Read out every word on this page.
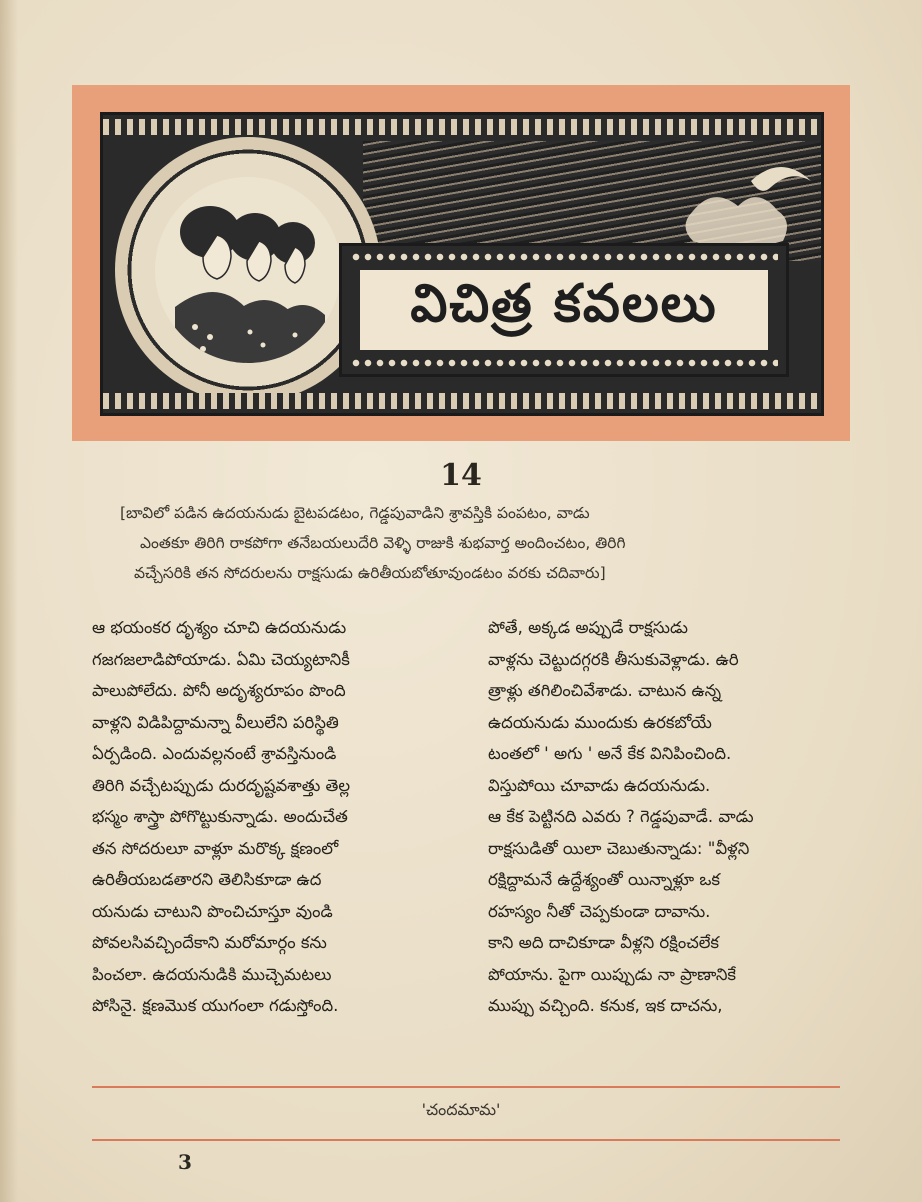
విచిత్ర కవలలు
14
[బావిలో పడిన ఉదయనుడు బైటపడటం, గెడ్డపువాడిని శ్రావస్తికి పంపటం, వాడు
ఎంతకూ తిరిగి రాకపోగా తనేబయలుదేరి వెళ్ళి రాజుకి శుభవార్త అందించటం, తిరిగి
వచ్చేసరికి తన సోదరులను రాక్షసుడు ఉరితీయబోతూవుండటం వరకు చదివారు]
ఆ భయంకర దృశ్యం చూచి ఉదయనుడు
గజగజలాడిపోయాడు. ఏమి చెయ్యటానికీ
పాలుపోలేదు. పోనీ అదృశ్యరూపం పొంది
వాళ్లని విడిపిద్దామన్నా వీలులేని పరిస్థితి
ఏర్పడింది. ఎందువల్లనంటే శ్రావస్తినుండి
తిరిగి వచ్చేటప్పుడు దురదృష్టవశాత్తు తెల్ల
భస్మం శాస్త్రా పోగొట్టుకున్నాడు. అందుచేత
తన సోదరులూ వాళ్లూ మరొక్క క్షణంలో
ఉరితీయబడతారని తెలిసికూడా ఉద
యనుడు చాటుని పొంచిచూస్తూ వుండి
పోవలసివచ్చిందేకాని మరోమార్గం కను
పించలా. ఉదయనుడికి ముచ్చెమటలు
పోసినై. క్షణమొక యుగంలా గడుస్తోంది.
పోతే, అక్కడ అప్పుడే రాక్షసుడు
వాళ్లను చెట్టుదగ్గరకి తీసుకువెళ్లాడు. ఉరి
త్రాళ్లు తగిలించివేశాడు. చాటున ఉన్న
ఉదయనుడు ముందుకు ఉరకబోయే
టంతలో ' అగు ' అనే కేక వినిపించింది.
విస్తుపోయి చూవాడు ఉదయనుడు.
ఆ కేక పెట్టినది ఎవరు ? గెడ్డపువాడే. వాడు
రాక్షసుడితో యిలా చెబుతున్నాడు: "వీళ్లని
రక్షిద్దామనే ఉద్దేశ్యంతో యిన్నాళ్లూ ఒక
రహస్యం నీతో చెప్పకుండా దావాను.
కాని అది దాచికూడా వీళ్లని రక్షించలేక
పోయాను. పైగా యిప్పుడు నా ప్రాణానికే
ముప్పు వచ్చింది. కనుక, ఇక దాచను,
'చందమామ'
3
